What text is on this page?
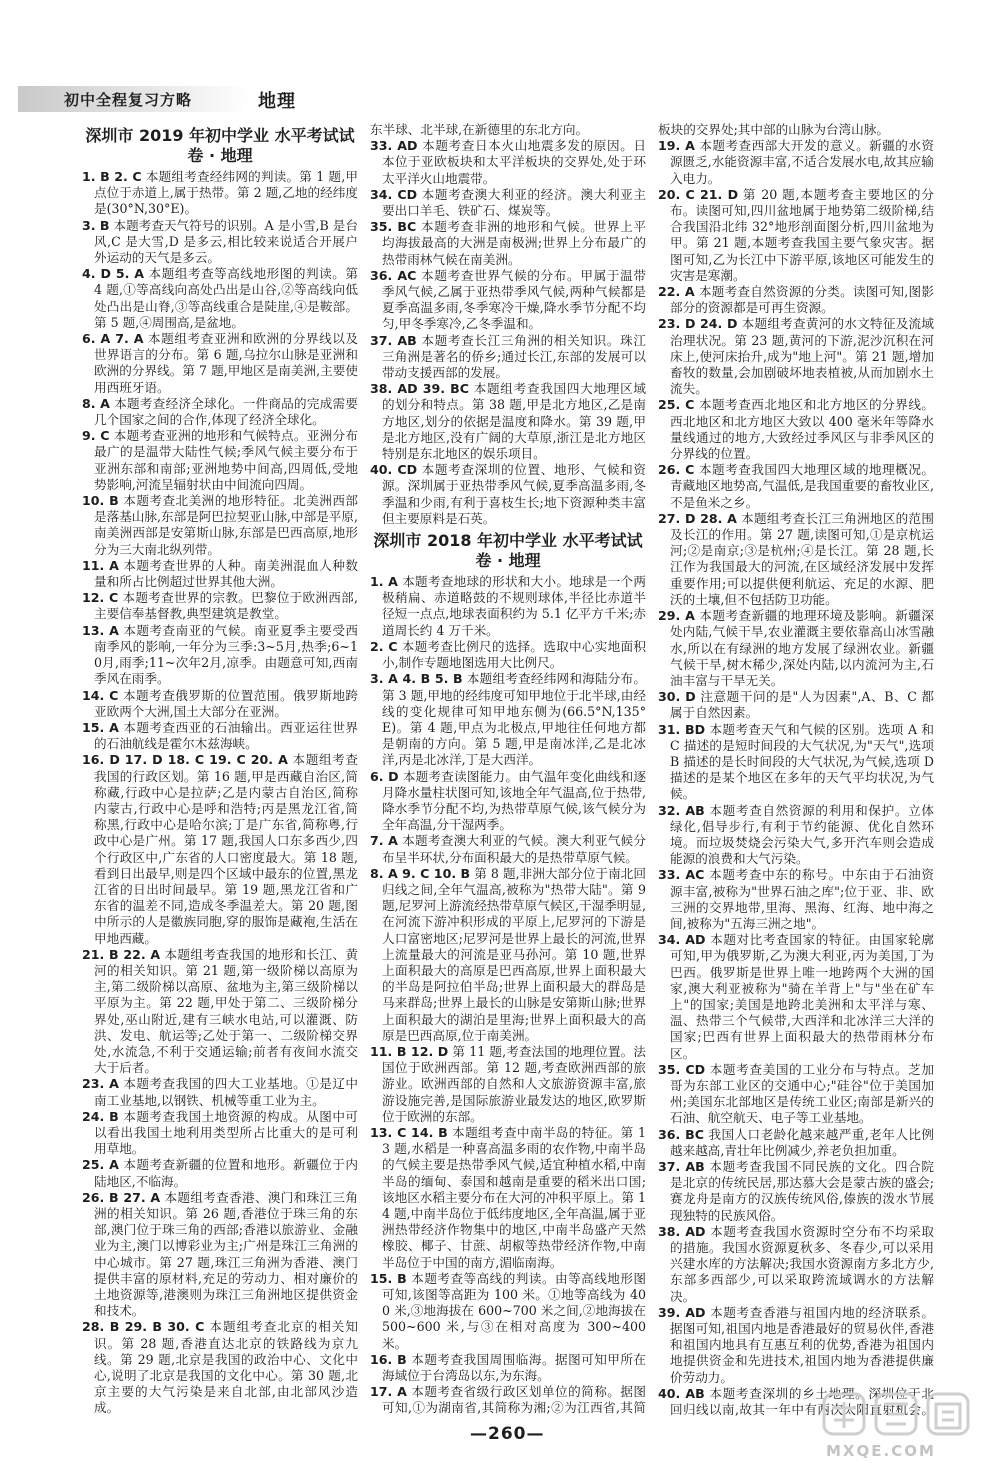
初中全程复习方略	地理
深圳市 2019 年初中学业 水平考试试卷 · 地理

1. B 2. C 本题组考查经纬网的判读。第 1 题,甲点位于赤道上,属于热带。第 2 题,乙地的经纬度是(30°N,30°E)。

3. B 本题考查天气符号的识别。A 是小雪,B 是台风,C 是大雪,D 是多云,相比较来说适合开展户外运动的天气是多云。

4. D 5. A 本题组考查等高线地形图的判读。第 4 题,①等高线向高处凸出是山谷,②等高线向低处凸出是山脊,③等高线重合是陡崖,④是鞍部。第 5 题,④周围高,是盆地。

6. A 7. A 本题组考查亚洲和欧洲的分界线以及世界语言的分布。第 6 题,乌拉尔山脉是亚洲和欧洲的分界线。第 7 题,甲地区是南美洲,主要使用西班牙语。

8. A 本题考查经济全球化。一件商品的完成需要几个国家之间的合作,体现了经济全球化。

9. C 本题考查亚洲的地形和气候特点。亚洲分布最广的是温带大陆性气候;季风气候主要分布于亚洲东部和南部;亚洲地势中间高,四周低,受地势影响,河流呈辐射状由中间流向四周。

10. B 本题考查北美洲的地形特征。北美洲西部是落基山脉,东部是阿巴拉契亚山脉,中部是平原,南美洲西部是安第斯山脉,东部是巴西高原,地形分为三大南北纵列带。

11. A 本题考查世界的人种。南美洲混血人种数量和所占比例超过世界其他大洲。

12. C 本题考查世界的宗教。巴黎位于欧洲西部,主要信奉基督教,典型建筑是教堂。

13. A 本题考查南亚的气候。南亚夏季主要受西南季风的影响,一年分为三季:3~5月,热季;6~10月,雨季;11~次年2月,凉季。由题意可知,西南季风在雨季。

14. C 本题考查俄罗斯的位置范围。俄罗斯地跨亚欧两个大洲,国土大部分在亚洲。

15. A 本题考查西亚的石油输出。西亚运往世界的石油航线是霍尔木兹海峡。

16. D 17. D 18. C 19. C 20. A 本题组考查我国的行政区划。第 16 题,甲是西藏自治区,简称藏,行政中心是拉萨;乙是内蒙古自治区,简称内蒙古,行政中心是呼和浩特;丙是黑龙江省,简称黑,行政中心是哈尔滨;丁是广东省,简称粤,行政中心是广州。第 17 题,我国人口东多西少,四个行政区中,广东省的人口密度最大。第 18 题,看到日出最早,则是四个区域中最东的位置,黑龙江省的日出时间最早。第 19 题,黑龙江省和广东省的温差不同,造成冬季温差大。第 20 题,图中所示的人是徽族同胞,穿的服饰是藏袍,生活在甲地西藏。

21. B 22. A 本题组考查我国的地形和长江、黄河的相关知识。第 21 题,第一级阶梯以高原为主,第二级阶梯以高原、盆地为主,第三级阶梯以平原为主。第 22 题,甲处于第二、三级阶梯分界处,巫山附近,建有三峡水电站,可以灌溉、防洪、发电、航运等;乙处于第一、二级阶梯交界处,水流急,不利于交通运输;前者有夜间水流交大于后者。

23. A 本题考查我国的四大工业基地。①是辽中南工业基地,以钢铁、机械等重工业为主。

24. B 本题考查我国土地资源的构成。从图中可以看出我国土地利用类型所占比重大的是可利用草地。

25. A 本题考查新疆的位置和地形。新疆位于内陆地区,不临海。

26. B 27. A 本题组考查香港、澳门和珠江三角洲的相关知识。第 26 题,香港位于珠三角的东部,澳门位于珠三角的西部;香港以旅游业、金融业为主,澳门以博彩业为主;广州是珠江三角洲的中心城市。第 27 题,珠江三角洲为香港、澳门提供丰富的原材料,充足的劳动力、相对廉价的土地资源等,港澳则为珠江三角洲地区提供资金和技术。

28. B 29. B 30. C 本题组考查北京的相关知识。第 28 题,香港直达北京的铁路线为京九线。第 29 题,北京是我国的政治中心、文化中心,说明了北京是我国的文化中心。第 30 题,北京主要的大气污染是来自北部,由北部风沙造成。

东半球、北半球,在新德里的东北方向。

33. AD 本题考查日本火山地震多发的原因。日本位于亚欧板块和太平洋板块的交界处,处于环太平洋火山地震带。

34. CD 本题考查澳大利亚的经济。澳大利亚主要出口羊毛、铁矿石、煤炭等。

35. BC 本题考查非洲的地形和气候。世界上平均海拔最高的大洲是南极洲;世界上分布最广的热带雨林气候在南美洲。

36. AC 本题考查世界气候的分布。甲属于温带季风气候,乙属于亚热带季风气候,两种气候都是夏季高温多雨,冬季寒冷干燥,降水季节分配不均匀,甲冬季寒冷,乙冬季温和。

37. AB 本题考查长江三角洲的相关知识。珠江三角洲是著名的侨乡;通过长江,东部的发展可以带动支援西部的发展。

38. AD 39. BC 本题组考查我国四大地理区域的划分和特点。第 38 题,甲是北方地区,乙是南方地区,划分的依据是温度和降水。第 39 题,甲是北方地区,没有广阔的大草原,浙江是北方地区特别是东北地区的娱乐项目。

40. CD 本题考查深圳的位置、地形、气候和资源。深圳属于亚热带季风气候,夏季高温多雨,冬季温和少雨,有利于喜枝生长;地下资源种类丰富但主要原料是石英。

深圳市 2018 年初中学业 水平考试试卷 · 地理

1. A 本题考查地球的形状和大小。地球是一个两极稍扁、赤道略鼓的不规则球体,半径比赤道半径短一点点,地球表面积约为 5.1 亿平方千米;赤道周长约 4 万千米。

2. C 本题考查比例尺的选择。选取中心实地面积小,制作专题地图选用大比例尺。

3. A 4. B 5. B 本题组考查经纬网和海陆分布。第 3 题,甲地的经纬度可知甲地位于北半球,由经线的变化规律可知甲地东侧为(66.5°N,135°E)。第 4 题,甲点为北极点,甲地往任何地方都是朝南的方向。第 5 题,甲是南冰洋,乙是北冰洋,丙是北冰洋,丁是大西洋。

6. D 本题考查读图能力。由气温年变化曲线和逐月降水量柱状图可知,该地全年气温高,位于热带,降水季节分配不均,为热带草原气候,该气候分为全年高温,分干湿两季。

7. A 本题考查澳大利亚的气候。澳大利亚气候分布呈半环状,分布面积最大的是热带草原气候。

8. A 9. C 10. B 第 8 题,非洲大部分位于南北回归线之间,全年气温高,被称为"热带大陆"。第 9 题,尼罗河上游流经热带草原气候区,干湿季明显,在河流下游冲积形成的平原上,尼罗河的下游是人口富密地区;尼罗河是世界上最长的河流,世界上流量最大的河流是亚马孙河。第 10 题,世界上面积最大的高原是巴西高原,世界上面积最大的半岛是阿拉伯半岛;世界上面积最大的群岛是马来群岛;世界上最长的山脉是安第斯山脉;世界上面积最大的湖泊是里海;世界上面积最大的高原是巴西高原,位于南美洲。

11. B 12. D 第 11 题,考查法国的地理位置。法国位于欧洲西部。第 12 题,考查欧洲西部的旅游业。欧洲西部的自然和人文旅游资源丰富,旅游设施完善,是国际旅游业最发达的地区,欧罗斯位于欧洲的东部。

13. C 14. B 本题组考查中南半岛的特征。第 13 题,水稻是一种喜高温多雨的农作物,中南半岛的气候主要是热带季风气候,适宜种植水稻,中南半岛的缅甸、泰国和越南是重要的稻米出口国;该地区水稻主要分布在大河的冲积平原上。第 14 题,中南半岛位于低纬度地区,全年高温,属于亚洲热带经济作物集中的地区,中南半岛盛产天然橡胶、椰子、甘蔗、胡椒等热带经济作物,中南半岛位于中国的南方,湄临南海。

15. B 本题考查等高线的判读。由等高线地形图可知,该图等高距为 100 米。①地等高线为 400 米,③地海拔在 600~700 米之间,②地海拔在 500~600 米,与③在相对高度为 300~400 米。

16. B 本题考查我国周围临海。据图可知甲所在海域位于台湾岛以东,为东海。

17. A 本题考查省级行政区划单位的简称。据图可知,①为湖南省,其简称为湘;②为江西省,其简

板块的交界处;其中部的山脉为台湾山脉。

19. A 本题考查西部大开发的意义。新疆的水资源匮乏,水能资源丰富,不适合发展水电,故其应输入电力。

20. C 21. D 第 20 题,本题考查主要地区的分布。读图可知,四川盆地属于地势第二级阶梯,结合我国沿北纬 32°地形剖面图分析,四川盆地为甲。第 21 题,本题考查我国主要气象灾害。据图可知,乙为长江中下游平原,该地区可能发生的灾害是寒潮。

22. A 本题考查自然资源的分类。读图可知,图影部分的资源都是可再生资源。

23. D 24. D 本题组考查黄河的水文特征及流域治理状况。第 23 题,黄河的下游,泥沙沉积在河床上,使河床抬升,成为"地上河"。第 21 题,增加畜牧的数量,会加剧破坏地表植被,从而加剧水土流失。

25. C 本题考查西北地区和北方地区的分界线。西北地区和北方地区大致以 400 毫米年等降水量线通过的地方,大致经过季风区与非季风区的分界线的位置。

26. C 本题考查我国四大地理区域的地理概况。青藏地区地势高,气温低,是我国重要的畜牧业区,不是鱼米之乡。

27. D 28. A 本题组考查长江三角洲地区的范围及长江的作用。第 27 题,读图可知,①是京杭运河;②是南京;③是杭州;④是长江。第 28 题,长江作为我国最大的河流,在区域经济发展中发挥重要作用;可以提供便利航运、充足的水源、肥沃的土壤,但不包括防卫功能。

29. A 本题考查新疆的地理环境及影响。新疆深处内陆,气候干旱,农业灌溉主要依靠高山冰雪融水,所以在有绿洲的地方发展了绿洲农业。新疆气候干旱,树木稀少,深处内陆,以内流河为主,石油丰富与干旱无关。

30. D 注意题干问的是"人为因素",A、B、C 都属于自然因素。

31. BD 本题考查天气和气候的区别。选项 A 和 C 描述的是短时间段的大气状况,为"天气",选项 B 描述的是长时间段的大气状况,为气候,选项 D 描述的是某个地区在多年的天气平均状况,为气候。

32. AB 本题考查自然资源的利用和保护。立体绿化,倡导步行,有利于节约能源、优化自然环境。而垃圾焚烧会污染大气,多开汽车则会造成能源的浪费和大气污染。

33. AC 本题考查中东的称号。中东由于石油资源丰富,被称为"世界石油之库";位于亚、非、欧三洲的交界地带,里海、黑海、红海、地中海之间,被称为"五海三洲之地"。

34. AD 本题对比考查国家的特征。由国家轮廓可知,甲为俄罗斯,乙为澳大利亚,丙为美国,丁为巴西。俄罗斯是世界上唯一地跨两个大洲的国家,澳大利亚被称为"骑在羊背上"与"坐在矿车上"的国家;美国是地跨北美洲和太平洋与寒、温、热带三个气候带,大西洋和北冰洋三大洋的国家;巴西有世界上面积最大的热带雨林分布区。

35. CD 本题考查美国的工业分布与特点。芝加哥为东部工业区的交通中心;"硅谷"位于美国加州;美国东北部地区是传统工业区;南部是新兴的石油、航空航天、电子等工业基地。

36. BC 我国人口老龄化越来越严重,老年人比例越来越高,青壮年比例减少,养老负担加重。

37. AB 本题考查我国不同民族的文化。四合院是北京的传统民居,那达慕大会是蒙古族的盛会;赛龙舟是南方的汉族传统风俗,傣族的泼水节展现独特的民族风俗。

38. AD 本题考查我国水资源时空分布不均采取的措施。我国水资源夏秋多、冬春少,可以采用兴建水库的方法解决;我国水资源南方多北方少,东部多西部少,可以采取跨流域调水的方法解决。

39. AD 本题考查香港与祖国内地的经济联系。据图可知,祖国内地是香港最好的贸易伙伴,香港和祖国内地具有互惠互利的优势,香港为祖国内地提供资金和先进技术,祖国内地为香港提供廉价劳动力。

40. AB 本题考查深圳的乡土地理。深圳位于北回归线以南,故其一年中有两次太阳直射机会。

—260—
MXQE.COM
